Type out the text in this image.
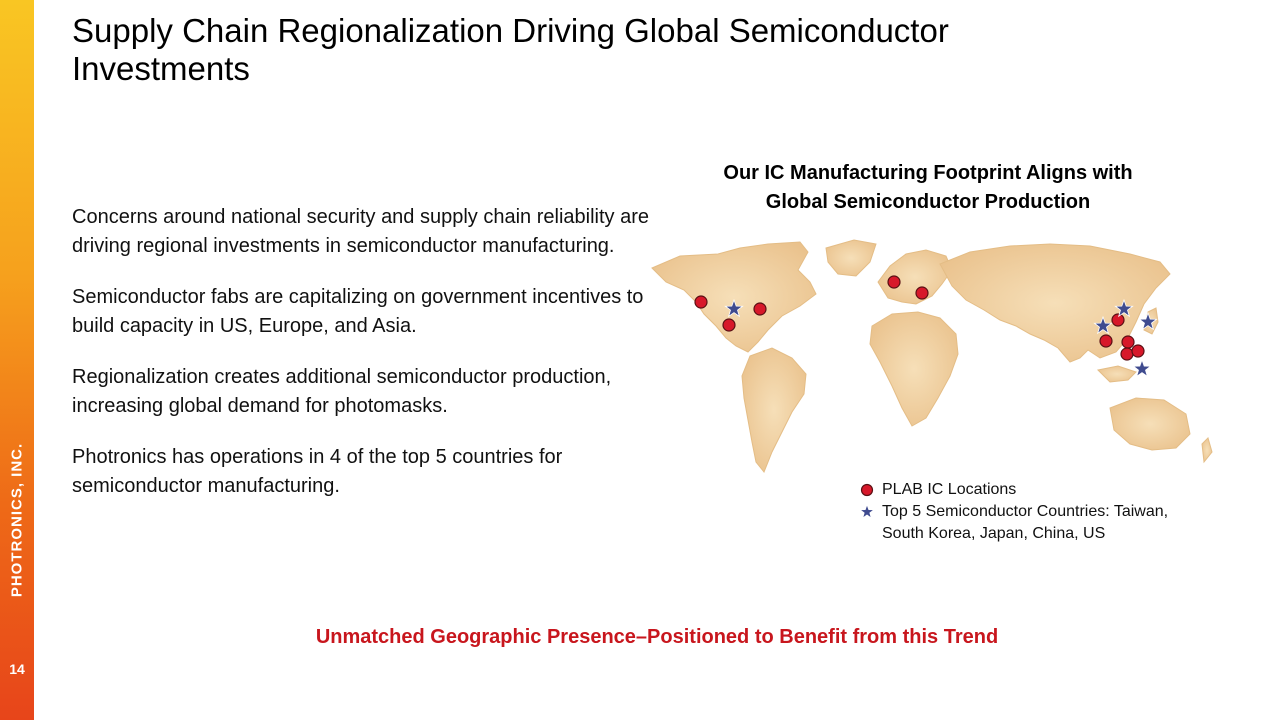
PHOTRONICS, INC.
14
Supply Chain Regionalization Driving Global Semiconductor Investments

Concerns around national security and supply chain reliability are driving regional investments in semiconductor manufacturing.

Semiconductor fabs are capitalizing on government incentives to build capacity in US, Europe, and Asia.

Regionalization creates additional semiconductor production, increasing global demand for photomasks.

Photronics has operations in 4 of the top 5 countries for semiconductor manufacturing.

Our IC Manufacturing Footprint Aligns with Global Semiconductor Production
PLAB IC Locations
Top 5 Semiconductor Countries: Taiwan, South Korea, Japan, China, US
Unmatched Geographic Presence–Positioned to Benefit from this Trend
